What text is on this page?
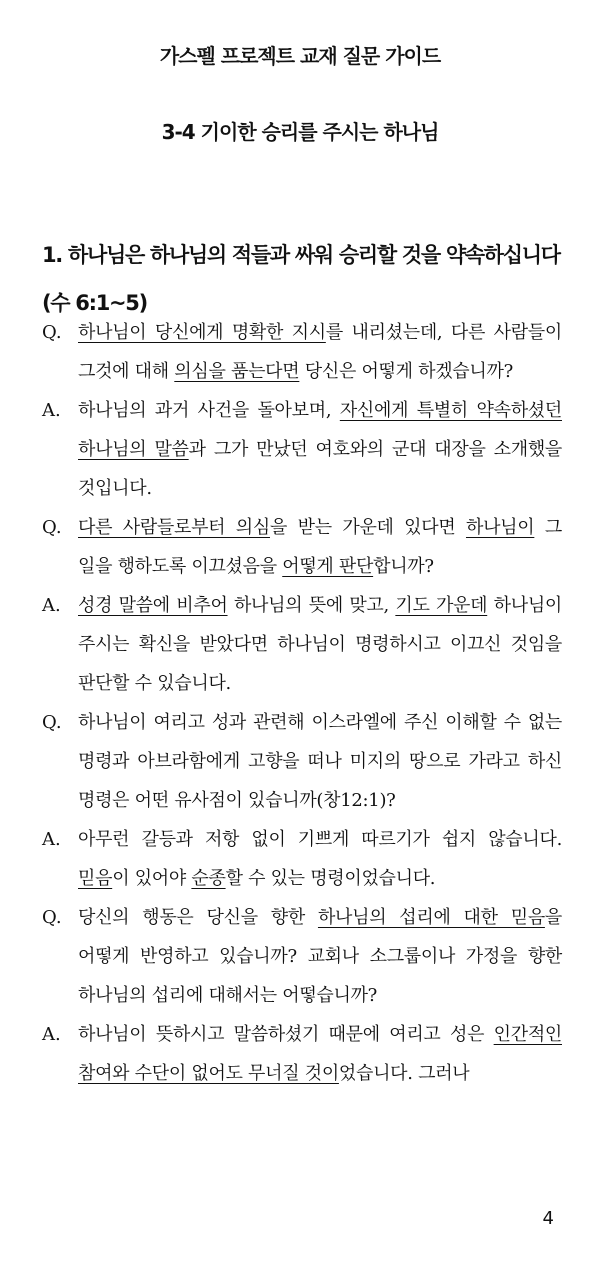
가스펠 프로젝트 교재 질문 가이드
3-4 기이한 승리를 주시는 하나님
1. 하나님은 하나님의 적들과 싸워 승리할 것을 약속하십니다(수 6:1~5)
Q. 하나님이 당신에게 명확한 지시를 내리셨는데, 다른 사람들이 그것에 대해 의심을 품는다면 당신은 어떻게 하겠습니까?
A. 하나님의 과거 사건을 돌아보며, 자신에게 특별히 약속하셨던 하나님의 말씀과 그가 만났던 여호와의 군대 대장을 소개했을 것입니다.
Q. 다른 사람들로부터 의심을 받는 가운데 있다면 하나님이 그 일을 행하도록 이끄셨음을 어떻게 판단합니까?
A. 성경 말씀에 비추어 하나님의 뜻에 맞고, 기도 가운데 하나님이 주시는 확신을 받았다면 하나님이 명령하시고 이끄신 것임을 판단할 수 있습니다.
Q. 하나님이 여리고 성과 관련해 이스라엘에 주신 이해할 수 없는 명령과 아브라함에게 고향을 떠나 미지의 땅으로 가라고 하신 명령은 어떤 유사점이 있습니까(창12:1)?
A. 아무런 갈등과 저항 없이 기쁘게 따르기가 쉽지 않습니다. 믿음이 있어야 순종할 수 있는 명령이었습니다.
Q. 당신의 행동은 당신을 향한 하나님의 섭리에 대한 믿음을 어떻게 반영하고 있습니까? 교회나 소그룹이나 가정을 향한 하나님의 섭리에 대해서는 어떻습니까?
A. 하나님이 뜻하시고 말씀하셨기 때문에 여리고 성은 인간적인 참여와 수단이 없어도 무너질 것이었습니다. 그러나
4
